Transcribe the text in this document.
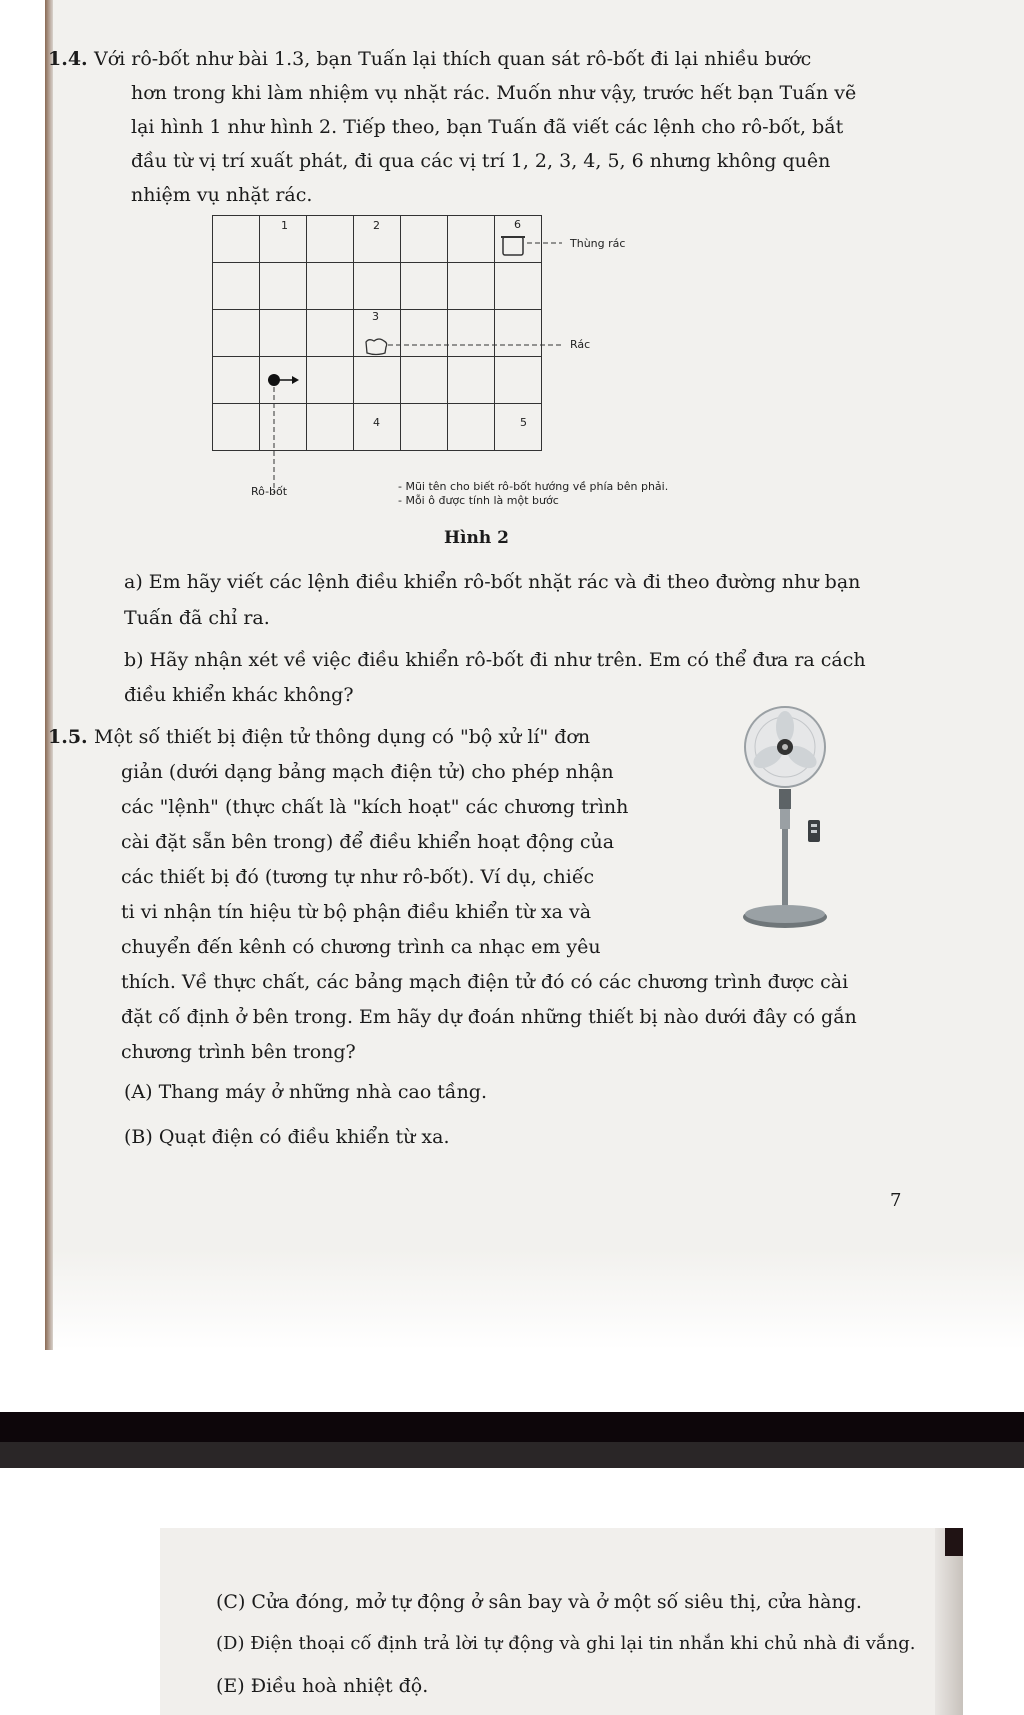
1.4. Với rô-bốt như bài 1.3, bạn Tuấn lại thích quan sát rô-bốt đi lại nhiều bước
hơn trong khi làm nhiệm vụ nhặt rác. Muốn như vậy, trước hết bạn Tuấn vẽ
lại hình 1 như hình 2. Tiếp theo, bạn Tuấn đã viết các lệnh cho rô-bốt, bắt
đầu từ vị trí xuất phát, đi qua các vị trí 1, 2, 3, 4, 5, 6 nhưng không quên
nhiệm vụ nhặt rác.

1	2	6
3
4	5
Thùng rác
Rác
Rô-bốt	- Mũi tên cho biết rô-bốt hướng về phía bên phải.
- Mỗi ô được tính là một bước
Hình 2
a) Em hãy viết các lệnh điều khiển rô-bốt nhặt rác và đi theo đường như bạn
Tuấn đã chỉ ra.
b) Hãy nhận xét về việc điều khiển rô-bốt đi như trên. Em có thể đưa ra cách
điều khiển khác không?
1.5. Một số thiết bị điện tử thông dụng có "bộ xử lí" đơn
giản (dưới dạng bảng mạch điện tử) cho phép nhận
các "lệnh" (thực chất là "kích hoạt" các chương trình
cài đặt sẵn bên trong) để điều khiển hoạt động của
các thiết bị đó (tương tự như rô-bốt). Ví dụ, chiếc
ti vi nhận tín hiệu từ bộ phận điều khiển từ xa và
chuyển đến kênh có chương trình ca nhạc em yêu
thích. Về thực chất, các bảng mạch điện tử đó có các chương trình được cài
đặt cố định ở bên trong. Em hãy dự đoán những thiết bị nào dưới đây có gắn
chương trình bên trong?
(A) Thang máy ở những nhà cao tầng.
(B) Quạt điện có điều khiển từ xa.
7
(C) Cửa đóng, mở tự động ở sân bay và ở một số siêu thị, cửa hàng.
(D) Điện thoại cố định trả lời tự động và ghi lại tin nhắn khi chủ nhà đi vắng.
(E) Điều hoà nhiệt độ.
